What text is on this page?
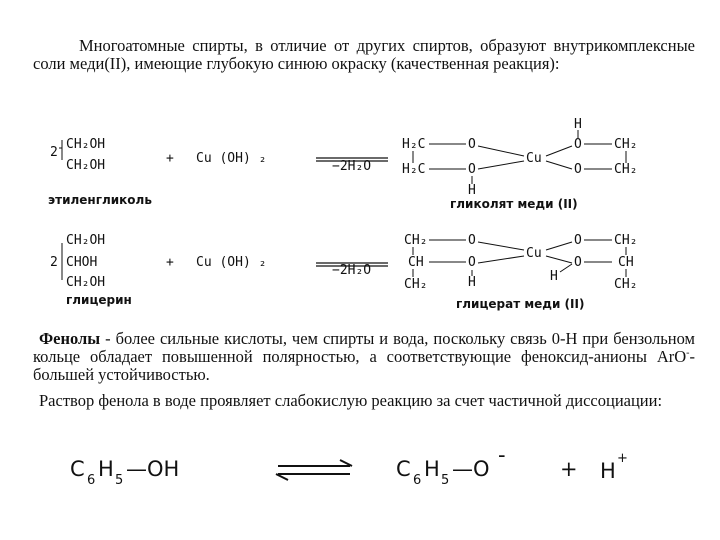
Многоатомные спирты, в отличие от других спиртов, образуют внутрикомплексные соли меди(II), имеющие глубокую синюю окраску (качественная реакция):
2
CH₂OH
CH₂OH	+ Cu (OH) ₂
−2H₂O
H₂C
H₂C
O
O
H
Cu
O
O
H
CH₂
CH₂
этиленгликоль	гликолят меди (II)
2
CH₂OH
CHOH
CH₂OH
+ Cu (OH) ₂
−2H₂O
CH₂
CH
CH₂
O
O
H
Cu
O
O
H
CH₂
CH
CH₂
глицерин	глицерат меди (II)
Фенолы - более сильные кислоты, чем спирты и вода, поскольку связь 0-H при бензольном кольце обладает повышенной полярностью, а соответствующие феноксид-анионы ArO--большей устойчивостью.
Раствор фенола в воде проявляет слабокислую реакцию за счет частичной диссоциации:
C 6 H 5 —OH	C 6 H 5 —O
-
+ H
+
